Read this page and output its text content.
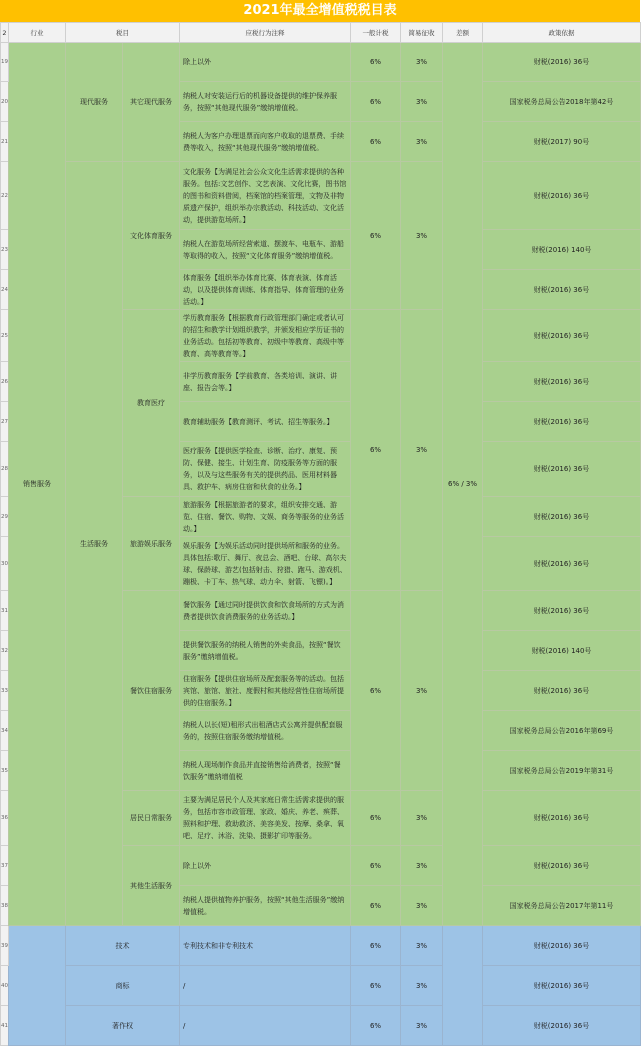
2021年最全增值税税目表
2	行业	税目		应税行为注释	一般计税	简易征收	差额	政策依据
19	销售服务	现代服务	其它现代服务	除上以外	6%	3%	6% / 3%	财税(2016) 36号
20				纳税人对安装运行后的机器设备提供的维护保养服务，按照“其他现代服务”缴纳增值税。	6%	3%		国家税务总局公告2018年第42号
21				纳税人为客户办理退票而向客户收取的退票费、手续费等收入，按照“其他现代服务”缴纳增值税。	6%	3%		财税(2017) 90号
22		生活服务	文化体育服务	文化服务【为满足社会公众文化生活需求提供的各种服务。包括:文艺创作、文艺表演、文化比赛，图书馆的图书和资料借阅，档案馆的档案管理，文物及非物质遗产保护，组织举办宗教活动、科技活动、文化活动，提供游览场所。】	6%	3%		财税(2016) 36号
23				纳税人在游览场所经营索道、摆渡车、电瓶车、游船等取得的收入，按照“文化体育服务”缴纳增值税。				财税(2016) 140号
24				体育服务【组织举办体育比赛、体育表演、体育活动，以及提供体育训练、体育指导、体育管理的业务活动。】				财税(2016) 36号
25			教育医疗	学历教育服务【根据教育行政管理部门确定或者认可的招生和教学计划组织教学，并颁发相应学历证书的业务活动。包括初等教育、初级中等教育、高级中等教育、高等教育等。】	6%	3%		财税(2016) 36号
26				非学历教育服务【学前教育、各类培训、演讲、讲座、报告会等。】				财税(2016) 36号
27				教育辅助服务【教育测评、考试、招生等服务。】				财税(2016) 36号
28				医疗服务【提供医学检查、诊断、治疗、康复、预防、保健、接生、计划生育、防疫服务等方面的服务，以及与这些服务有关的提供药品、医用材料器具、救护车、病房住宿和伙食的业务。】				财税(2016) 36号
29			旅游娱乐服务	旅游服务【根据旅游者的要求，组织安排交通、游览、住宿、餐饮、购物、文娱、商务等服务的业务活动。】				财税(2016) 36号
30				娱乐服务【为娱乐活动同时提供场所和服务的业务。具体包括:歌厅、舞厅、夜总会、酒吧、台球、高尔夫球、保龄球、游艺(包括射击、狩猎、跑马、游戏机、蹦极、卡丁车、热气球、动力伞、射箭、飞镖)。】				财税(2016) 36号
31			餐饮住宿服务	餐饮服务【通过同时提供饮食和饮食场所的方式为消费者提供饮食消费服务的业务活动。】	6%	3%		财税(2016) 36号
32				提供餐饮服务的纳税人销售的外卖食品，按照“餐饮服务”缴纳增值税。				财税(2016) 140号
33				住宿服务【提供住宿场所及配套服务等的活动。包括宾馆、旅馆、旅社、度假村和其他经营性住宿场所提供的住宿服务。】				财税(2016) 36号
34				纳税人以长(短)租形式出租酒店式公寓并提供配套服务的，按照住宿服务缴纳增值税。				国家税务总局公告2016年第69号
35				纳税人现场制作食品并直接销售给消费者，按照“餐饮服务”缴纳增值税				国家税务总局公告2019年第31号
36			居民日常服务	主要为满足居民个人及其家庭日常生活需求提供的服务，包括市容市政管理、家政、婚庆、养老、殡葬、照料和护理、救助救济、美容美发、按摩、桑拿、氧吧、足疗、沐浴、洗染、摄影扩印等服务。	6%	3%		财税(2016) 36号
37			其他生活服务	除上以外	6%	3%		财税(2016) 36号
38				纳税人提供植物养护服务，按照“其他生活服务”缴纳增值税。	6%	3%		国家税务总局公告2017年第11号
39		技术		专利技术和非专利技术	6%	3%		财税(2016) 36号
40		商标		/	6%	3%		财税(2016) 36号
41		著作权		/	6%	3%		财税(2016) 36号
